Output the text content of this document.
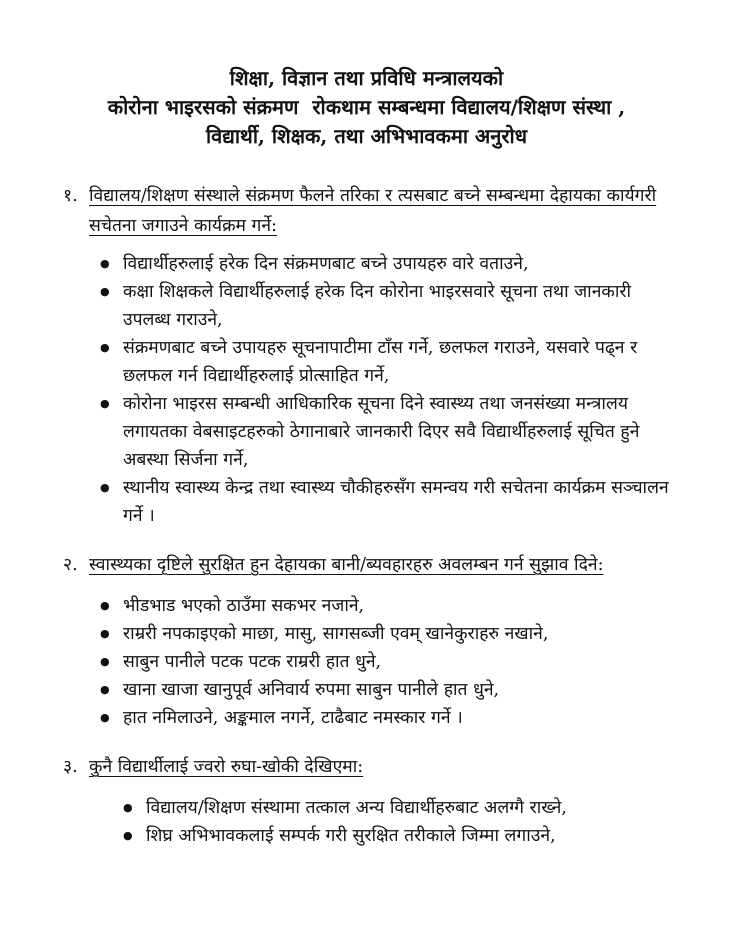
शिक्षा, विज्ञान तथा प्रविधि मन्त्रालयको
कोरोना भाइरसको संक्रमण  रोकथाम सम्बन्धमा विद्यालय/शिक्षण संस्था ,
विद्यार्थी, शिक्षक, तथा अभिभावकमा अनुरोध
१. विद्यालय/शिक्षण संस्थाले संक्रमण फैलने तरिका र त्यसबाट बच्ने सम्बन्धमा देहायका कार्यगरी सचेतना जगाउने कार्यक्रम गर्ने:
● विद्यार्थीहरुलाई हरेक दिन संक्रमणबाट बच्ने उपायहरु वारे वताउने,
● कक्षा शिक्षकले विद्यार्थीहरुलाई हरेक दिन कोरोना भाइरसवारे सूचना तथा जानकारी उपलब्ध गराउने,
● संक्रमणबाट बच्ने उपायहरु सूचनापाटीमा टाँस गर्ने, छलफल गराउने, यसवारे पढ्न र छलफल गर्न विद्यार्थीहरुलाई प्रोत्साहित गर्ने,
● कोरोना भाइरस सम्बन्धी आधिकारिक सूचना दिने स्वास्थ्य तथा जनसंख्या मन्त्रालय लगायतका वेबसाइटहरुको ठेगानाबारे जानकारी दिएर सवै विद्यार्थीहरुलाई सूचित हुने अबस्था सिर्जना गर्ने,
● स्थानीय स्वास्थ्य केन्द्र तथा स्वास्थ्य चौकीहरुसँग समन्वय गरी सचेतना कार्यक्रम सञ्चालन गर्ने ।
२. स्वास्थ्यका दृष्टिले सुरक्षित हुन देहायका बानी/ब्यवहारहरु अवलम्बन गर्न सुझाव दिने:
● भीडभाड भएको ठाउँमा सकभर नजाने,
● राम्ररी नपकाइएको माछा, मासु, सागसब्जी एवम् खानेकुराहरु नखाने,
● साबुन पानीले पटक पटक राम्ररी हात धुने,
● खाना खाजा खानुपूर्व अनिवार्य रुपमा साबुन पानीले हात धुने,
● हात नमिलाउने, अङ्कमाल नगर्ने, टाढैबाट नमस्कार गर्ने ।
३. कुनै विद्यार्थीलाई ज्वरो रुघा-खोकी देखिएमा:
● विद्यालय/शिक्षण संस्थामा तत्काल अन्य विद्यार्थीहरुबाट अलग्गै राख्ने,
● शिघ्र अभिभावकलाई सम्पर्क गरी सुरक्षित तरीकाले जिम्मा लगाउने,
